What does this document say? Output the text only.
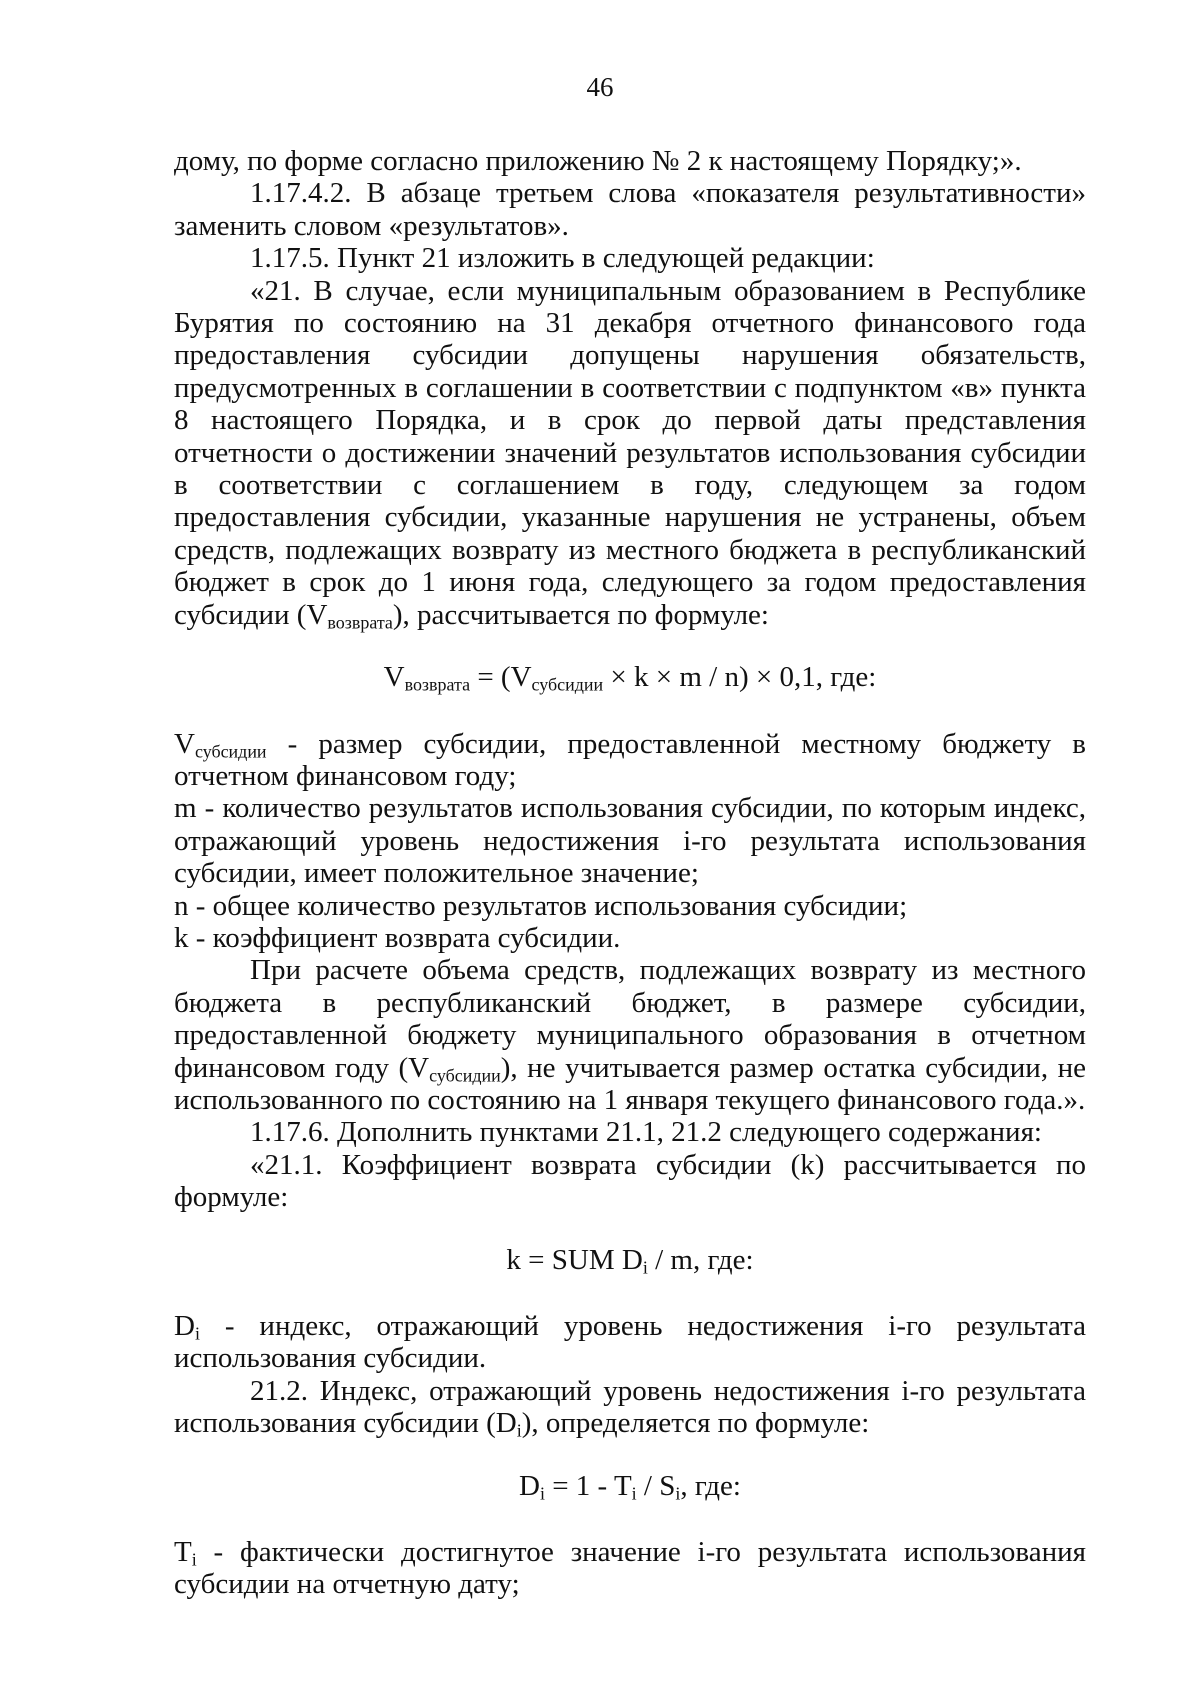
46

дому, по форме согласно приложению № 2 к настоящему Порядку;».

1.17.4.2. В абзаце третьем слова «показателя результативности» заменить словом «результатов».

1.17.5. Пункт 21 изложить в следующей редакции:

«21. В случае, если муниципальным образованием в Республике Бурятия по состоянию на 31 декабря отчетного финансового года предоставления субсидии допущены нарушения обязательств, предусмотренных в соглашении в соответствии с подпунктом «в» пункта 8 настоящего Порядка, и в срок до первой даты представления отчетности о достижении значений результатов использования субсидии в соответствии с соглашением в году, следующем за годом предоставления субсидии, указанные нарушения не устранены, объем средств, подлежащих возврату из местного бюджета в республиканский бюджет в срок до 1 июня года, следующего за годом предоставления субсидии $(V_{возврата})$, рассчитывается по формуле:

$V_{возврата} = (V_{субсидии} \times k \times m / n) \times 0,1$, где:

$V_{субсидии}$ - размер субсидии, предоставленной местному бюджету в отчетном финансовом году;

m - количество результатов использования субсидии, по которым индекс, отражающий уровень недостижения i-го результата использования субсидии, имеет положительное значение;

n - общее количество результатов использования субсидии;

k - коэффициент возврата субсидии.

При расчете объема средств, подлежащих возврату из местного бюджета в республиканский бюджет, в размере субсидии, предоставленной бюджету муниципального образования в отчетном финансовом году $(V_{субсидии})$, не учитывается размер остатка субсидии, не использованного по состоянию на 1 января текущего финансового года.».

1.17.6. Дополнить пунктами 21.1, 21.2 следующего содержания:

«21.1. Коэффициент возврата субсидии (k) рассчитывается по формуле:

k = SUM $D_i$ / m, где:

$D_i$ - индекс, отражающий уровень недостижения i-го результата использования субсидии.

21.2. Индекс, отражающий уровень недостижения i-го результата использования субсидии $(D_i)$, определяется по формуле:

$D_i = 1 - T_i / S_i$, где:

$T_i$ - фактически достигнутое значение i-го результата использования субсидии на отчетную дату;
